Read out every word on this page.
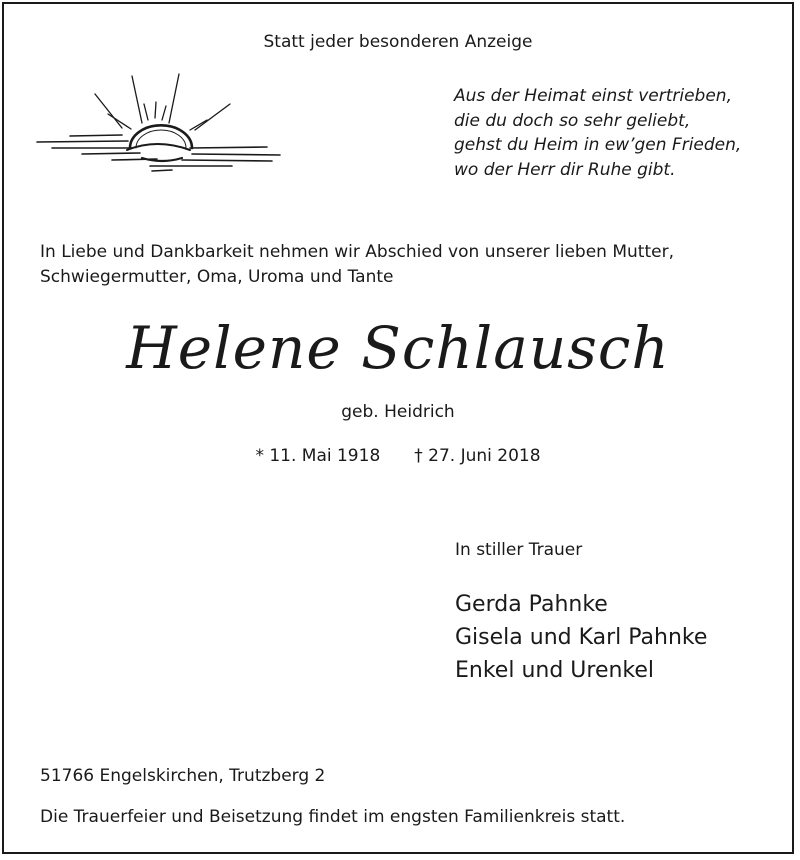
Statt jeder besonderen Anzeige
Aus der Heimat einst vertrieben,
die du doch so sehr geliebt,
gehst du Heim in ew’gen Frieden,
wo der Herr dir Ruhe gibt.
In Liebe und Dankbarkeit nehmen wir Abschied von unserer lieben Mutter,
Schwiegermutter, Oma, Uroma und Tante
Helene Schlausch
geb. Heidrich
* 11. Mai 1918 † 27. Juni 2018
In stiller Trauer
Gerda Pahnke
Gisela und Karl Pahnke
Enkel und Urenkel
51766 Engelskirchen, Trutzberg 2
Die Trauerfeier und Beisetzung findet im engsten Familienkreis statt.
